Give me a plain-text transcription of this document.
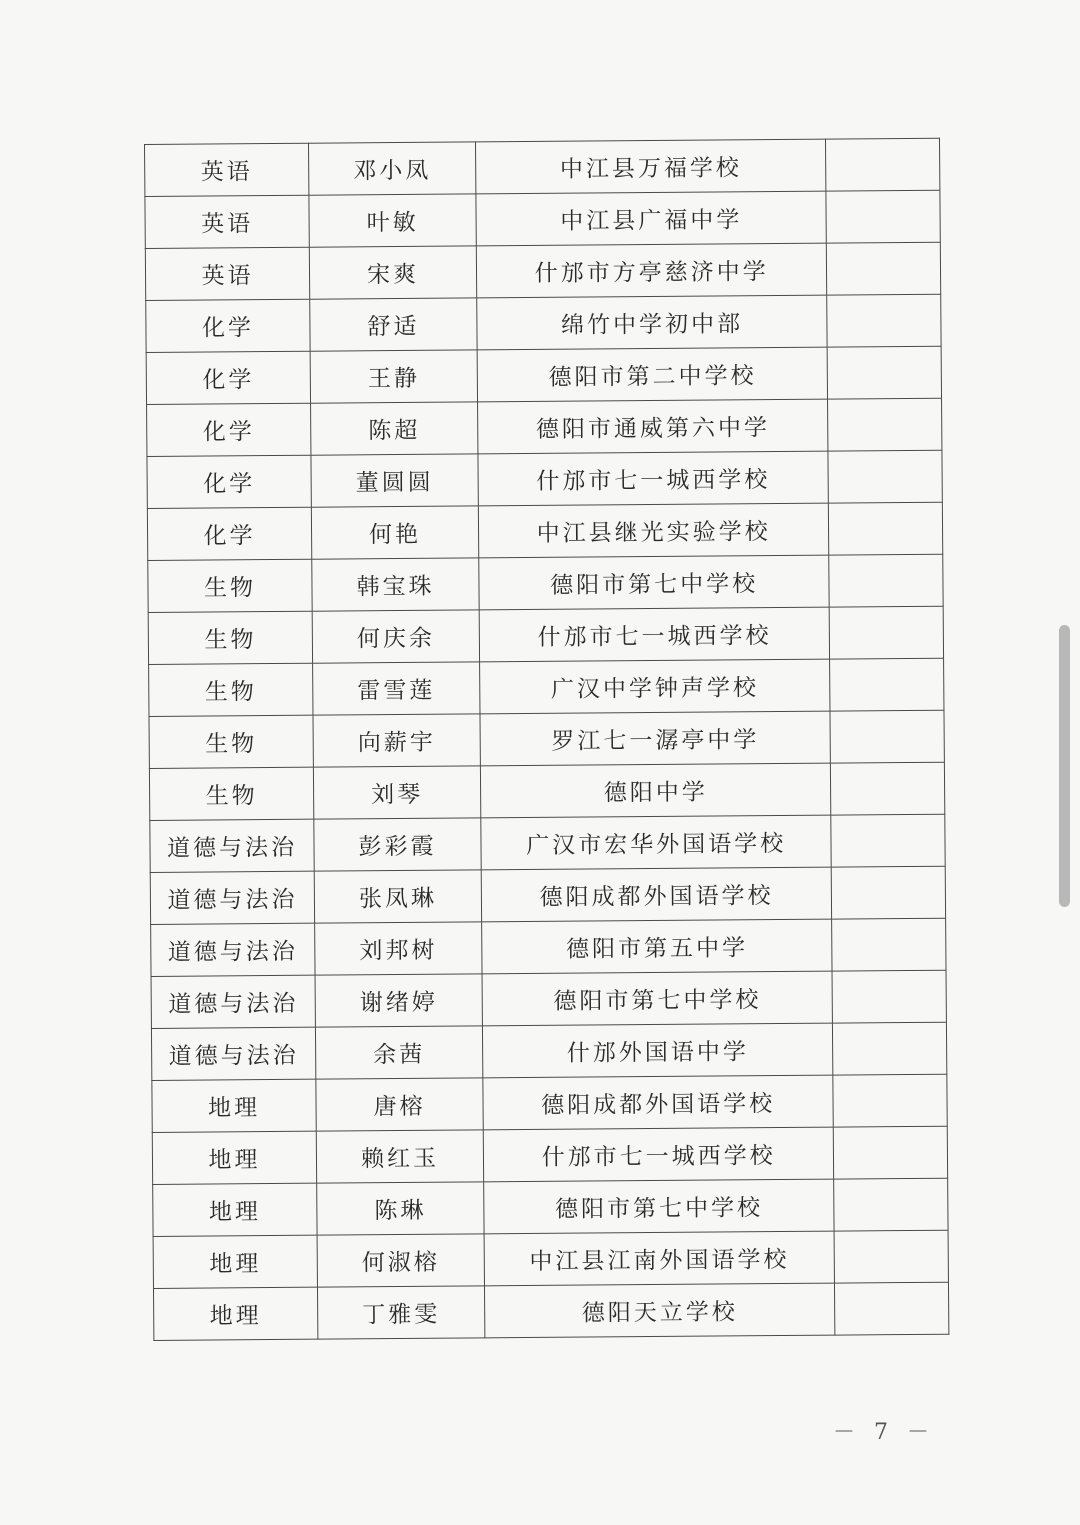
英语	邓小凤	中江县万福学校	
英语	叶敏	中江县广福中学	
英语	宋爽	什邡市方亭慈济中学	
化学	舒适	绵竹中学初中部	
化学	王静	德阳市第二中学校	
化学	陈超	德阳市通威第六中学	
化学	董圆圆	什邡市七一城西学校	
化学	何艳	中江县继光实验学校	
生物	韩宝珠	德阳市第七中学校	
生物	何庆余	什邡市七一城西学校	
生物	雷雪莲	广汉中学钟声学校	
生物	向薪宇	罗江七一潺亭中学	
生物	刘琴	德阳中学	
道德与法治	彭彩霞	广汉市宏华外国语学校	
道德与法治	张凤琳	德阳成都外国语学校	
道德与法治	刘邦树	德阳市第五中学	
道德与法治	谢绪婷	德阳市第七中学校	
道德与法治	余茜	什邡外国语中学	
地理	唐榕	德阳成都外国语学校	
地理	赖红玉	什邡市七一城西学校	
地理	陈琳	德阳市第七中学校	
地理	何淑榕	中江县江南外国语学校	
地理	丁雅雯	德阳天立学校	
－ 7 －
